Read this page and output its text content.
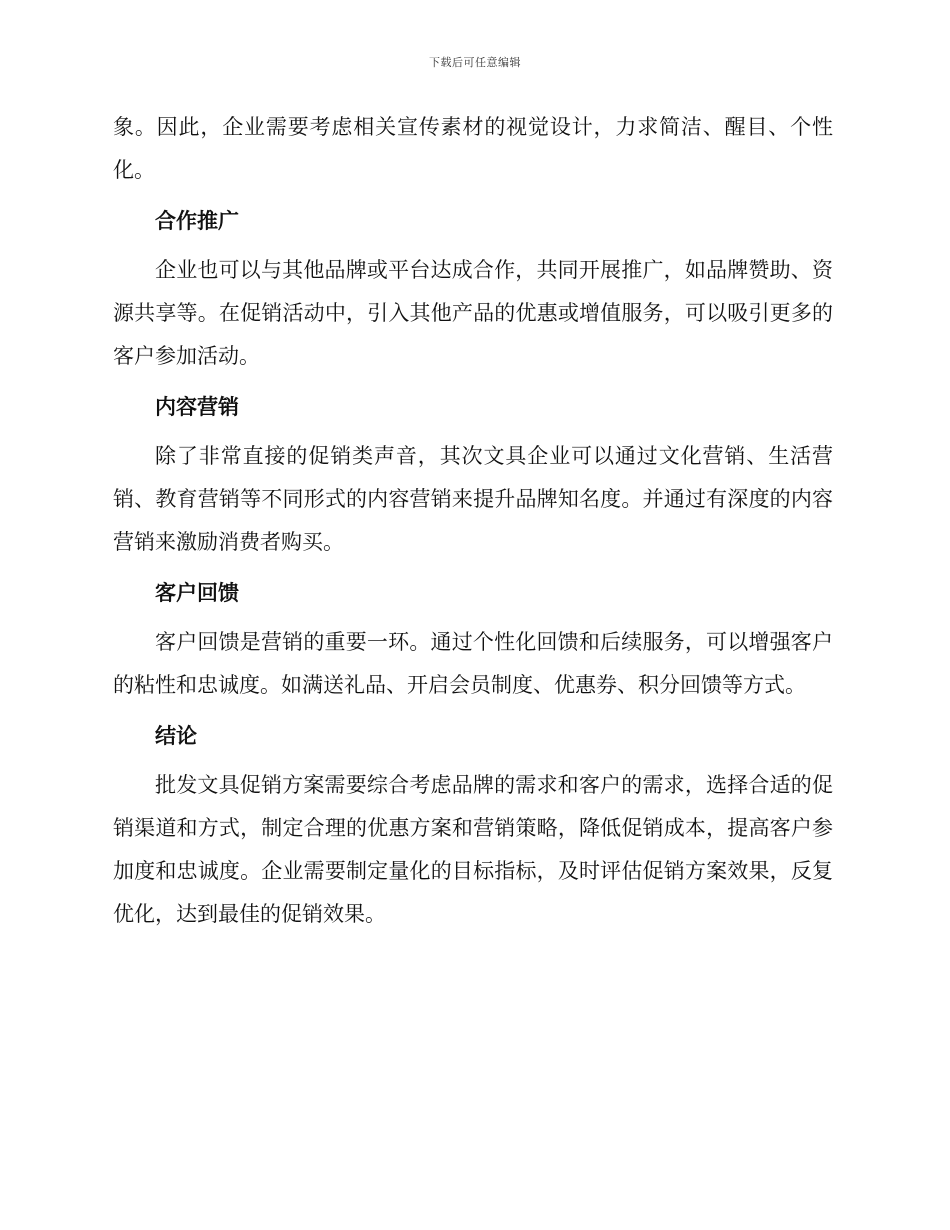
下载后可任意编辑

象。因此，企业需要考虑相关宣传素材的视觉设计，力求简洁、醒目、个性化。

合作推广

企业也可以与其他品牌或平台达成合作，共同开展推广，如品牌赞助、资源共享等。在促销活动中，引入其他产品的优惠或增值服务，可以吸引更多的客户参加活动。

内容营销

除了非常直接的促销类声音，其次文具企业可以通过文化营销、生活营销、教育营销等不同形式的内容营销来提升品牌知名度。并通过有深度的内容营销来激励消费者购买。

客户回馈

客户回馈是营销的重要一环。通过个性化回馈和后续服务，可以增强客户的粘性和忠诚度。如满送礼品、开启会员制度、优惠券、积分回馈等方式。

结论

批发文具促销方案需要综合考虑品牌的需求和客户的需求，选择合适的促销渠道和方式，制定合理的优惠方案和营销策略，降低促销成本，提高客户参加度和忠诚度。企业需要制定量化的目标指标，及时评估促销方案效果，反复优化，达到最佳的促销效果。
